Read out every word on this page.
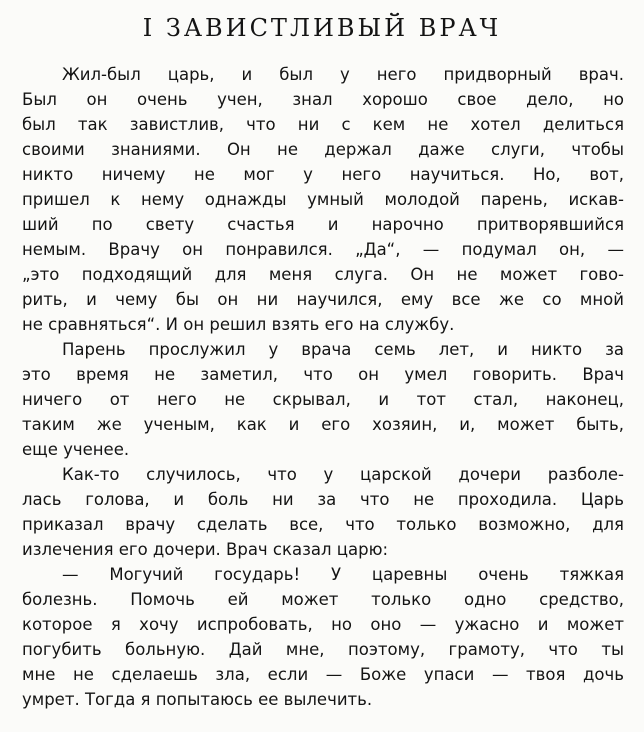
I ЗАВИСТЛИВЫЙ ВРАЧ
Жил-был царь, и был у него придворный врач.
Был он очень учен, знал хорошо свое дело, но
был так завистлив, что ни с кем не хотел делиться
своими знаниями. Он не держал даже слуги, чтобы
никто ничему не мог у него научиться. Но, вот,
пришел к нему однажды умный молодой парень, искав-
ший по свету счастья и нарочно притворявшийся
немым. Врачу он понравился. „Да“, — подумал он, —
„это подходящий для меня слуга. Он не может гово-
рить, и чему бы он ни научился, ему все же со мной
не сравняться“. И он решил взять его на службу.
Парень прослужил у врача семь лет, и никто за
это время не заметил, что он умел говорить. Врач
ничего от него не скрывал, и тот стал, наконец,
таким же ученым, как и его хозяин, и, может быть,
еще ученее.
Как-то случилось, что у царской дочери разболе-
лась голова, и боль ни за что не проходила. Царь
приказал врачу сделать все, что только возможно, для
излечения его дочери. Врач сказал царю:
— Могучий государь! У царевны очень тяжкая
болезнь. Помочь ей может только одно средство,
которое я хочу испробовать, но оно — ужасно и может
погубить больную. Дай мне, поэтому, грамоту, что ты
мне не сделаешь зла, если — Боже упаси — твоя дочь
умрет. Тогда я попытаюсь ее вылечить.
